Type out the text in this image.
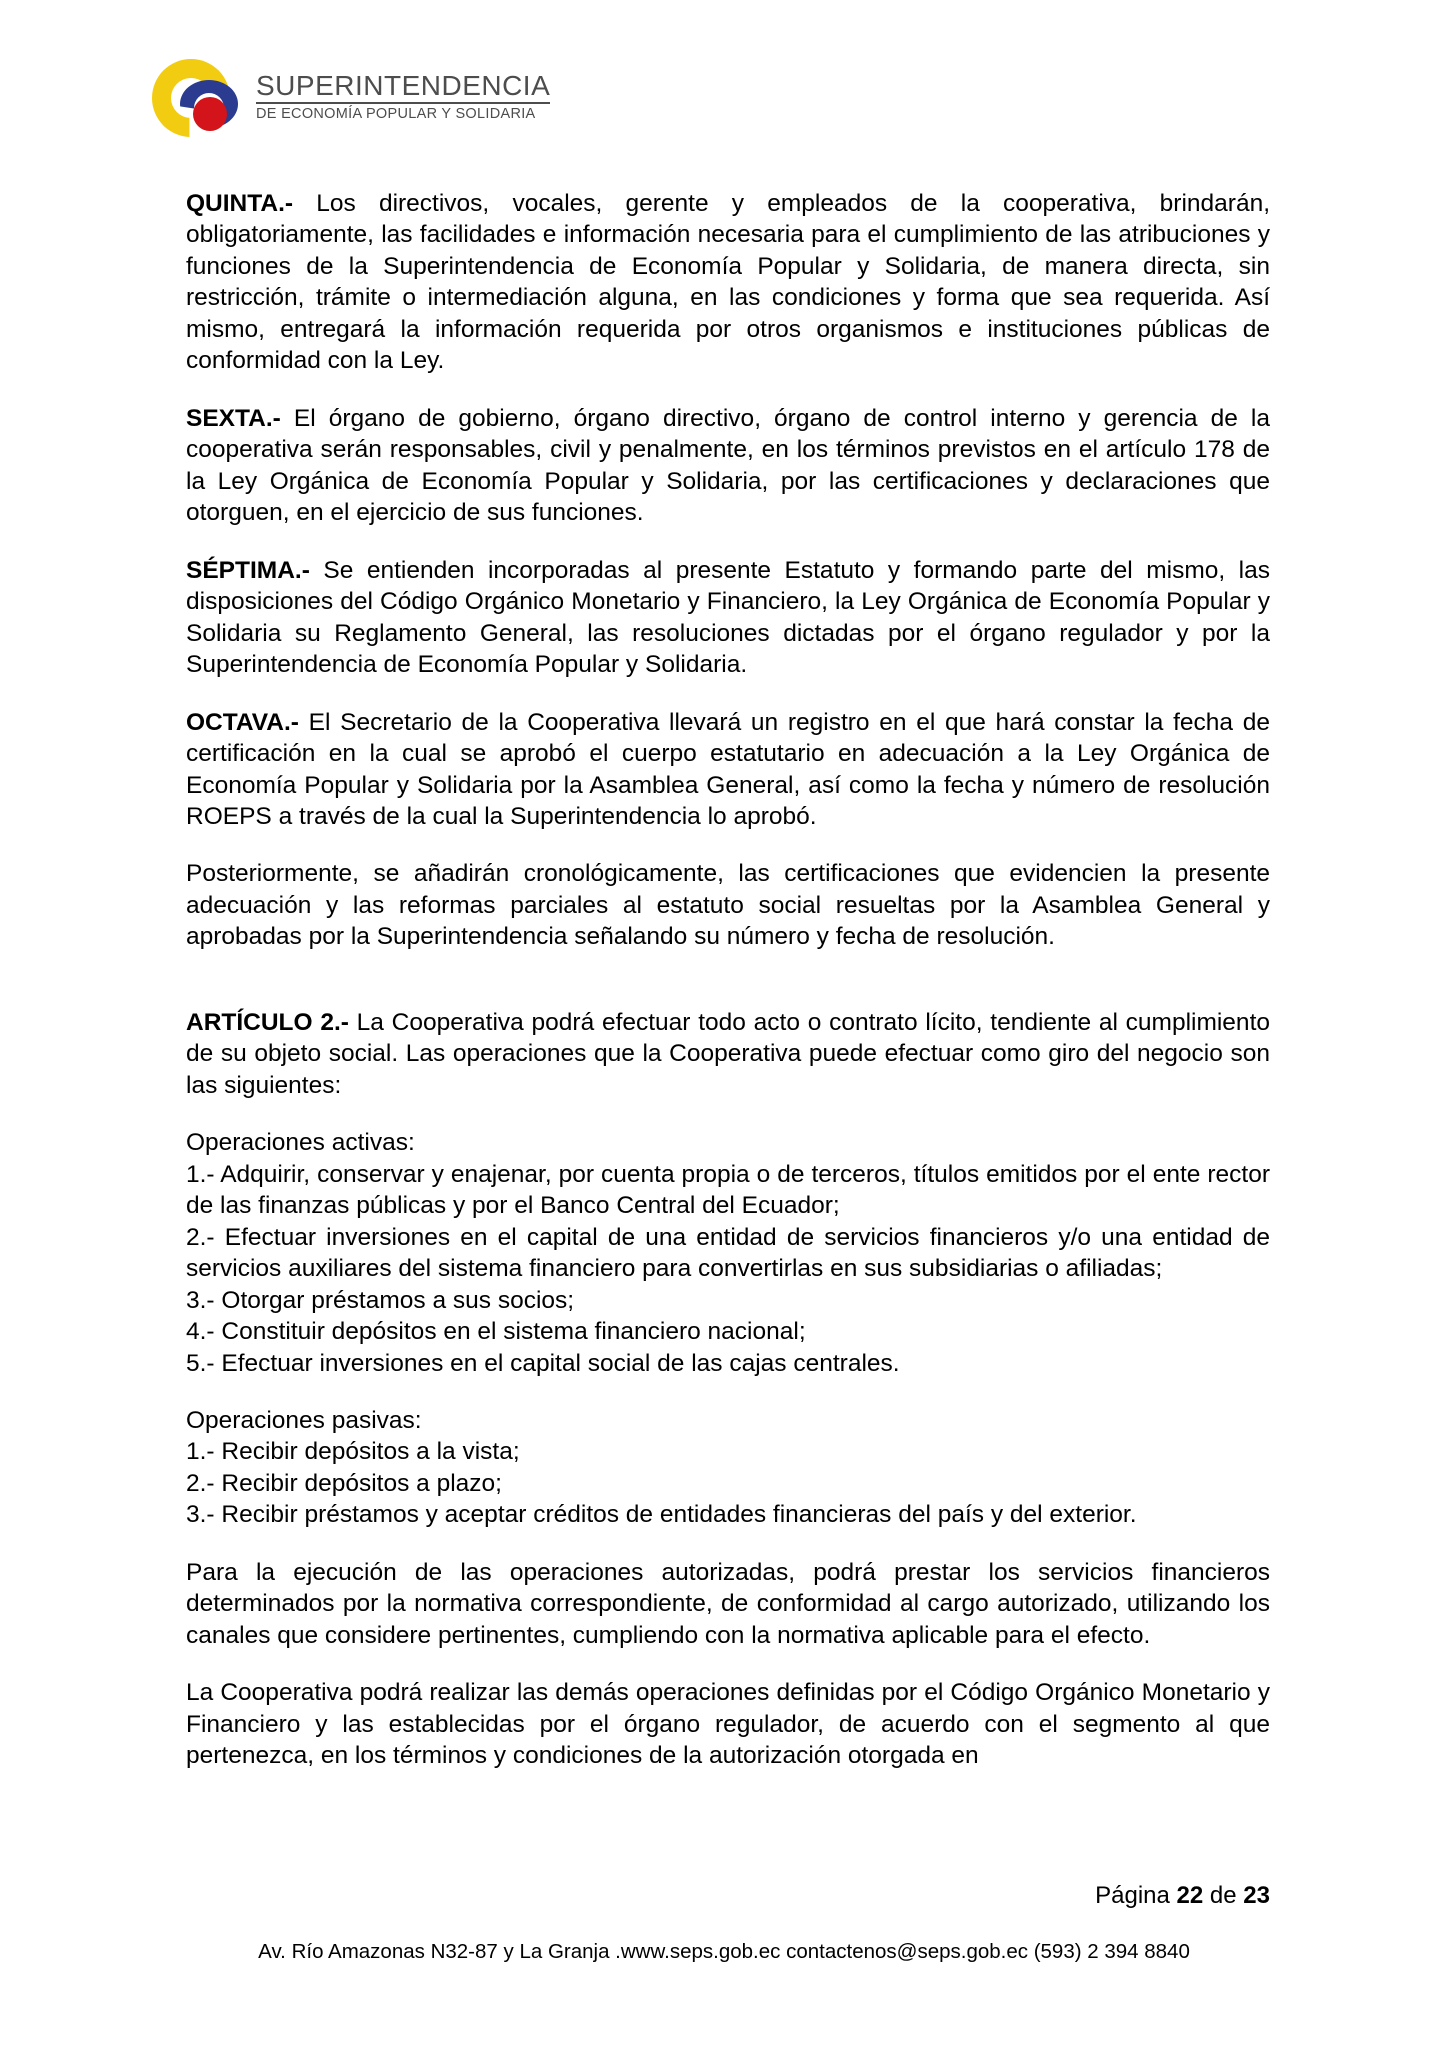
SUPERINTENDENCIA
DE ECONOMÍA POPULAR Y SOLIDARIA

QUINTA.- Los directivos, vocales, gerente y empleados de la cooperativa, brindarán, obligatoriamente, las facilidades e información necesaria para el cumplimiento de las atribuciones y funciones de la Superintendencia de Economía Popular y Solidaria, de manera directa, sin restricción, trámite o intermediación alguna, en las condiciones y forma que sea requerida. Así mismo, entregará la información requerida por otros organismos e instituciones públicas de conformidad con la Ley.

SEXTA.- El órgano de gobierno, órgano directivo, órgano de control interno y gerencia de la cooperativa serán responsables, civil y penalmente, en los términos previstos en el artículo 178 de la Ley Orgánica de Economía Popular y Solidaria, por las certificaciones y declaraciones que otorguen, en el ejercicio de sus funciones.

SÉPTIMA.- Se entienden incorporadas al presente Estatuto y formando parte del mismo, las disposiciones del Código Orgánico Monetario y Financiero, la Ley Orgánica de Economía Popular y Solidaria su Reglamento General, las resoluciones dictadas por el órgano regulador y por la Superintendencia de Economía Popular y Solidaria.

OCTAVA.- El Secretario de la Cooperativa llevará un registro en el que hará constar la fecha de certificación en la cual se aprobó el cuerpo estatutario en adecuación a la Ley Orgánica de Economía Popular y Solidaria por la Asamblea General, así como la fecha y número de resolución ROEPS a través de la cual la Superintendencia lo aprobó.

Posteriormente, se añadirán cronológicamente, las certificaciones que evidencien la presente adecuación y las reformas parciales al estatuto social resueltas por la Asamblea General y aprobadas por la Superintendencia señalando su número y fecha de resolución.

ARTÍCULO 2.- La Cooperativa podrá efectuar todo acto o contrato lícito, tendiente al cumplimiento de su objeto social. Las operaciones que la Cooperativa puede efectuar como giro del negocio son las siguientes:

Operaciones activas:

1.- Adquirir, conservar y enajenar, por cuenta propia o de terceros, títulos emitidos por el ente rector de las finanzas públicas y por el Banco Central del Ecuador;

2.- Efectuar inversiones en el capital de una entidad de servicios financieros y/o una entidad de servicios auxiliares del sistema financiero para convertirlas en sus subsidiarias o afiliadas;

3.- Otorgar préstamos a sus socios;

4.- Constituir depósitos en el sistema financiero nacional;

5.- Efectuar inversiones en el capital social de las cajas centrales.

Operaciones pasivas:

1.- Recibir depósitos a la vista;

2.- Recibir depósitos a plazo;

3.- Recibir préstamos y aceptar créditos de entidades financieras del país y del exterior.

Para la ejecución de las operaciones autorizadas, podrá prestar los servicios financieros determinados por la normativa correspondiente, de conformidad al cargo autorizado, utilizando los canales que considere pertinentes, cumpliendo con la normativa aplicable para el efecto.

La Cooperativa podrá realizar las demás operaciones definidas por el Código Orgánico Monetario y Financiero y las establecidas por el órgano regulador, de acuerdo con el segmento al que pertenezca, en los términos y condiciones de la autorización otorgada en

Página 22 de 23
Av. Río Amazonas N32-87 y La Granja .www.seps.gob.ec contactenos@seps.gob.ec (593) 2 394 8840
